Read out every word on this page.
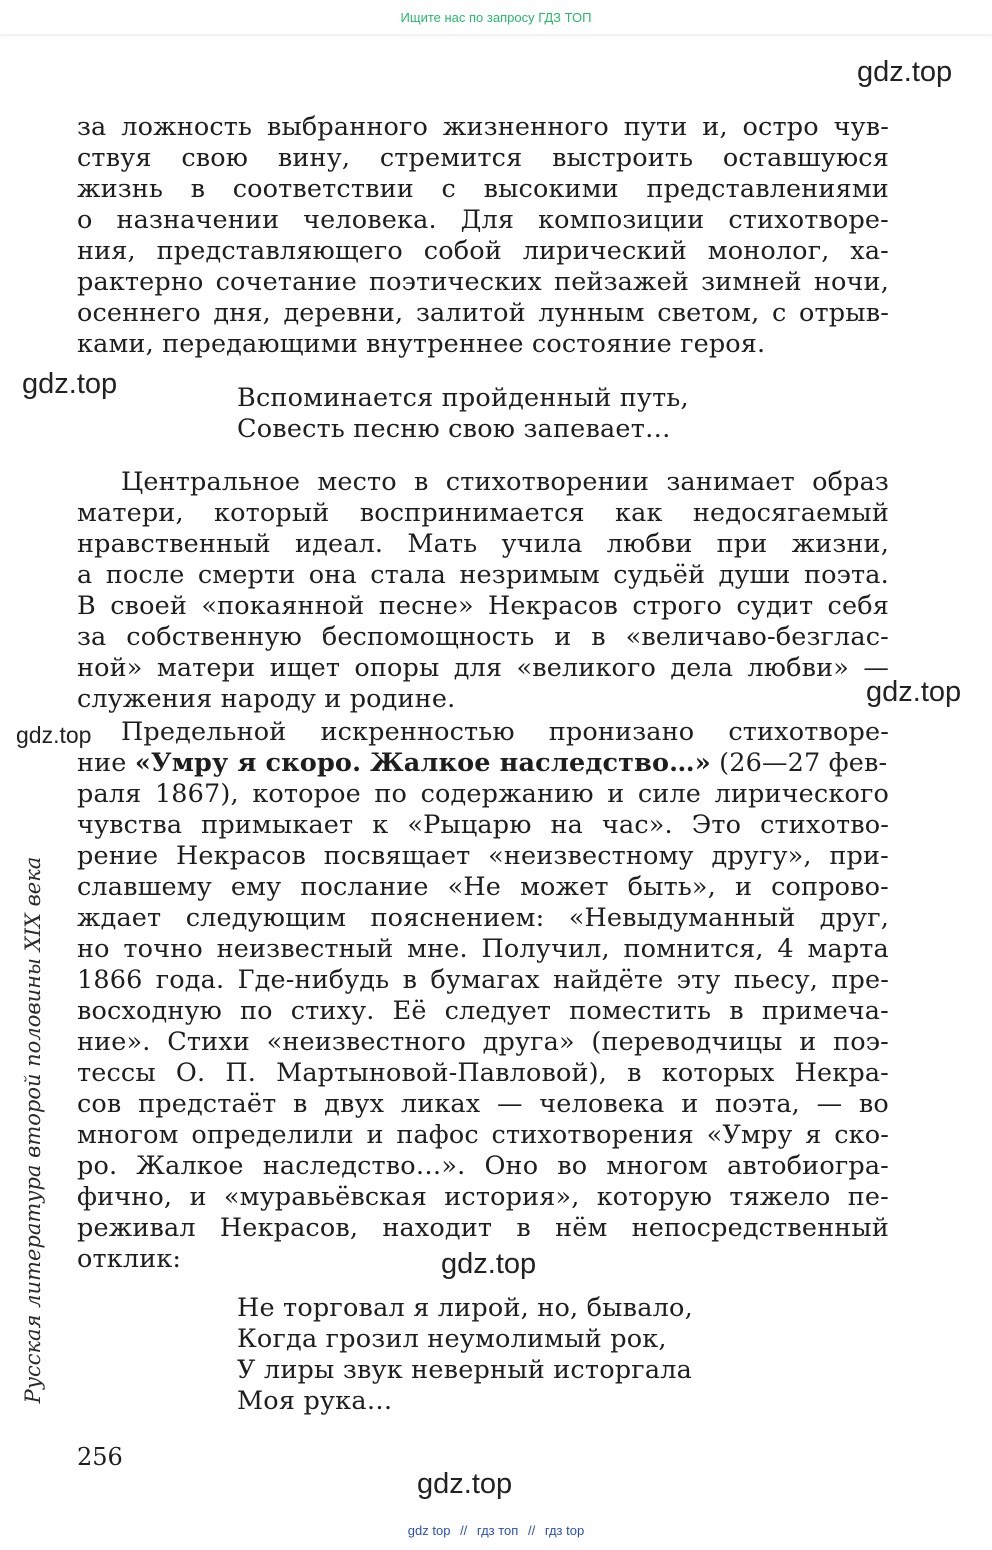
Ищите нас по запросу ГДЗ ТОП
gdz.top
gdz.top
gdz.top
gdz.top
gdz.top
gdz.top
за ложность выбранного жизненного пути и, остро чув-
ствуя свою вину, стремится выстроить оставшуюся
жизнь в соответствии с высокими представлениями
о назначении человека. Для композиции стихотворе-
ния, представляющего собой лирический монолог, ха-
рактерно сочетание поэтических пейзажей зимней ночи,
осеннего дня, деревни, залитой лунным светом, с отрыв-
ками, передающими внутреннее состояние героя.
Вспоминается пройденный путь,
Совесть песню свою запевает…
Центральное место в стихотворении занимает образ
матери, который воспринимается как недосягаемый
нравственный идеал. Мать учила любви при жизни,
а после смерти она стала незримым судьёй души поэта.
В своей «покаянной песне» Некрасов строго судит себя
за собственную беспомощность и в «величаво-безглас-
ной» матери ищет опоры для «великого дела любви» —
служения народу и родине.
Предельной искренностью пронизано стихотворе-
ние «Умру я скоро. Жалкое наследство…» (26—27 фев-
раля 1867), которое по содержанию и силе лирического
чувства примыкает к «Рыцарю на час». Это стихотво-
рение Некрасов посвящает «неизвестному другу», при-
славшему ему послание «Не может быть», и сопрово-
ждает следующим пояснением: «Невыдуманный друг,
но точно неизвестный мне. Получил, помнится, 4 марта
1866 года. Где-нибудь в бумагах найдёте эту пьесу, пре-
восходную по стиху. Её следует поместить в примеча-
ние». Стихи «неизвестного друга» (переводчицы и поэ-
тессы О. П. Мартыновой-Павловой), в которых Некра-
сов предстаёт в двух ликах — человека и поэта, — во
многом определили и пафос стихотворения «Умру я ско-
ро. Жалкое наследство…». Оно во многом автобиогра-
фично, и «муравьёвская история», которую тяжело пе-
реживал Некрасов, находит в нём непосредственный
отклик:
Не торговал я лирой, но, бывало,
Когда грозил неумолимый рок,
У лиры звук неверный исторгала
Моя рука…
Русская литература второй половины XIX века
256
gdz top // гдз топ // гдз top
